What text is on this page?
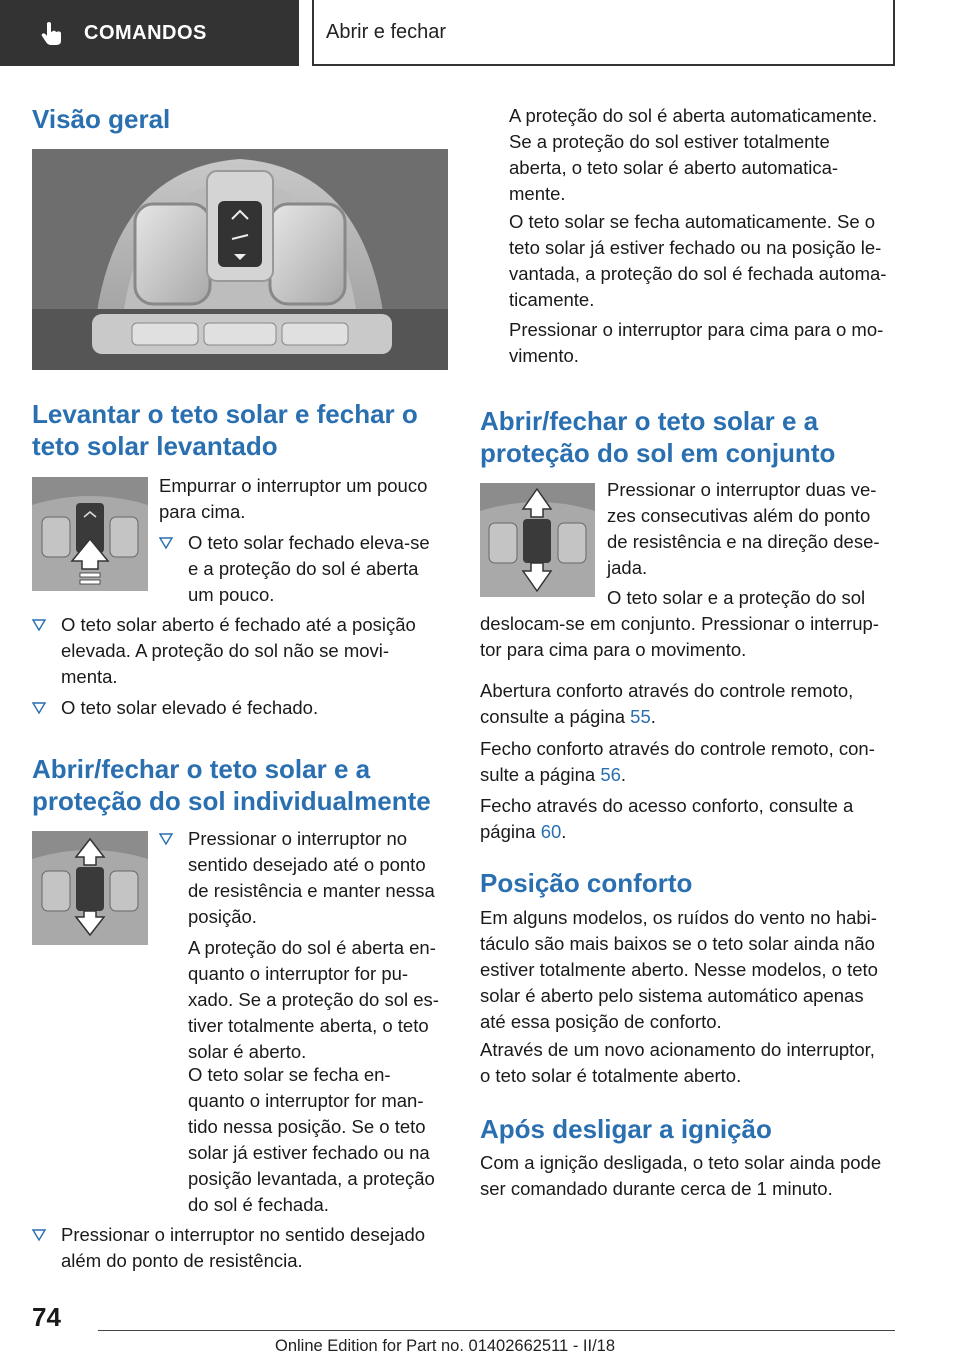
COMANDOS	Abrir e fechar
Visão geral
Levantar o teto solar e fechar o
teto solar levantado

Empurrar o interruptor um pouco
para cima.

O teto solar fechado eleva-se
e a proteção do sol é aberta
um pouco.
O teto solar aberto é fechado até a posição
elevada. A proteção do sol não se movi-
menta.
O teto solar elevado é fechado.
Abrir/fechar o teto solar e a
proteção do sol individualmente
Pressionar o interruptor no
sentido desejado até o ponto
de resistência e manter nessa
posição.

A proteção do sol é aberta en-
quanto o interruptor for pu-
xado. Se a proteção do sol es-
tiver totalmente aberta, o teto
solar é aberto.

O teto solar se fecha en-
quanto o interruptor for man-
tido nessa posição. Se o teto
solar já estiver fechado ou na
posição levantada, a proteção
do sol é fechada.

Pressionar o interruptor no sentido desejado
além do ponto de resistência.

A proteção do sol é aberta automaticamente.
Se a proteção do sol estiver totalmente
aberta, o teto solar é aberto automatica-
mente.

O teto solar se fecha automaticamente. Se o
teto solar já estiver fechado ou na posição le-
vantada, a proteção do sol é fechada automa-
ticamente.

Pressionar o interruptor para cima para o mo-
vimento.

Abrir/fechar o teto solar e a
proteção do sol em conjunto

Pressionar o interruptor duas ve-
zes consecutivas além do ponto
de resistência e na direção dese-
jada.

O teto solar e a proteção do sol

deslocam-se em conjunto. Pressionar o interrup-
tor para cima para o movimento.

Abertura conforto através do controle remoto,
consulte a página 55.

Fecho conforto através do controle remoto, con-
sulte a página 56.

Fecho através do acesso conforto, consulte a
página 60.

Posição conforto

Em alguns modelos, os ruídos do vento no habi-
táculo são mais baixos se o teto solar ainda não
estiver totalmente aberto. Nesse modelos, o teto
solar é aberto pelo sistema automático apenas
até essa posição de conforto.

Através de um novo acionamento do interruptor,
o teto solar é totalmente aberto.

Após desligar a ignição

Com a ignição desligada, o teto solar ainda pode
ser comandado durante cerca de 1 minuto.

74
Online Edition for Part no. 01402662511 - II/18
